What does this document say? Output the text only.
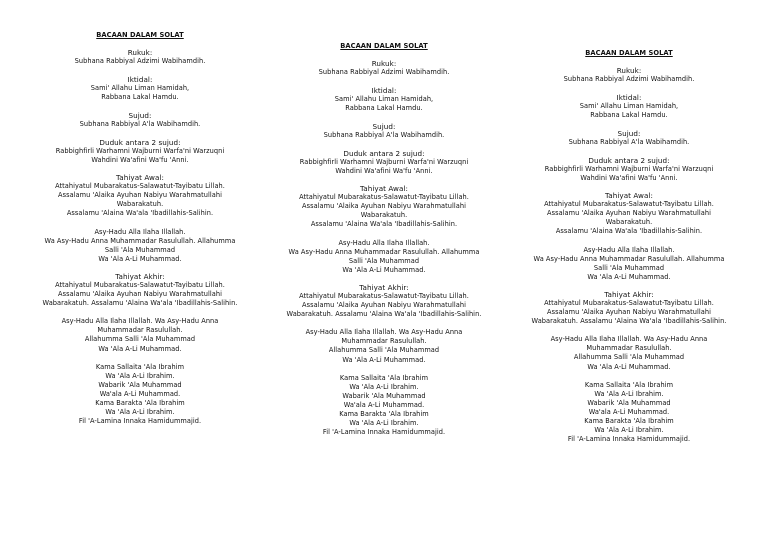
BACAAN DALAM SOLAT
Rukuk:
Subhana Rabbiyal Adzimi Wabihamdih.
Iktidal:
Sami' Allahu Liman Hamidah,
Rabbana Lakal Hamdu.
Sujud:
Subhana Rabbiyal A'la Wabihamdih.
Duduk antara 2 sujud:
Rabbighfirli Warhamni Wajburni Warfa'ni Warzuqni
Wahdini Wa'afini Wa'fu 'Anni.
Tahiyat Awal:
Attahiyatul Mubarakatus-Salawatut-Tayibatu Lillah.
Assalamu 'Alaika Ayuhan Nabiyu Warahmatullahi
Wabarakatuh.
Assalamu 'Alaina Wa'ala 'Ibadillahis-Salihin.
Asy-Hadu Alla Ilaha Illallah.
Wa Asy-Hadu Anna Muhammadar Rasulullah. Allahumma
Salli 'Ala Muhammad
Wa 'Ala A-Li Muhammad.
Tahiyat Akhir:
Attahiyatul Mubarakatus-Salawatut-Tayibatu Lillah.
Assalamu 'Alaika Ayuhan Nabiyu Warahmatullahi
Wabarakatuh. Assalamu 'Alaina Wa'ala 'Ibadillahis-Salihin.
Asy-Hadu Alla Ilaha Illallah. Wa Asy-Hadu Anna
Muhammadar Rasulullah.
Allahumma Salli 'Ala Muhammad
Wa 'Ala A-Li Muhammad.
Kama Sallaita 'Ala Ibrahim
Wa 'Ala A-Li Ibrahim.
Wabarik 'Ala Muhammad
Wa'ala A-Li Muhammad.
Kama Barakta 'Ala Ibrahim
Wa 'Ala A-Li Ibrahim.
Fil 'A-Lamina Innaka Hamidummajid.
BACAAN DALAM SOLAT
Rukuk:
Subhana Rabbiyal Adzimi Wabihamdih.
Iktidal:
Sami' Allahu Liman Hamidah,
Rabbana Lakal Hamdu.
Sujud:
Subhana Rabbiyal A'la Wabihamdih.
Duduk antara 2 sujud:
Rabbighfirli Warhamni Wajburni Warfa'ni Warzuqni
Wahdini Wa'afini Wa'fu 'Anni.
Tahiyat Awal:
Attahiyatul Mubarakatus-Salawatut-Tayibatu Lillah.
Assalamu 'Alaika Ayuhan Nabiyu Warahmatullahi
Wabarakatuh.
Assalamu 'Alaina Wa'ala 'Ibadillahis-Salihin.
Asy-Hadu Alla Ilaha Illallah.
Wa Asy-Hadu Anna Muhammadar Rasulullah. Allahumma
Salli 'Ala Muhammad
Wa 'Ala A-Li Muhammad.
Tahiyat Akhir:
Attahiyatul Mubarakatus-Salawatut-Tayibatu Lillah.
Assalamu 'Alaika Ayuhan Nabiyu Warahmatullahi
Wabarakatuh. Assalamu 'Alaina Wa'ala 'Ibadillahis-Salihin.
Asy-Hadu Alla Ilaha Illallah. Wa Asy-Hadu Anna
Muhammadar Rasulullah.
Allahumma Salli 'Ala Muhammad
Wa 'Ala A-Li Muhammad.
Kama Sallaita 'Ala Ibrahim
Wa 'Ala A-Li Ibrahim.
Wabarik 'Ala Muhammad
Wa'ala A-Li Muhammad.
Kama Barakta 'Ala Ibrahim
Wa 'Ala A-Li Ibrahim.
Fil 'A-Lamina Innaka Hamidummajid.
BACAAN DALAM SOLAT
Rukuk:
Subhana Rabbiyal Adzimi Wabihamdih.
Iktidal:
Sami' Allahu Liman Hamidah,
Rabbana Lakal Hamdu.
Sujud:
Subhana Rabbiyal A'la Wabihamdih.
Duduk antara 2 sujud:
Rabbighfirli Warhamni Wajburni Warfa'ni Warzuqni
Wahdini Wa'afini Wa'fu 'Anni.
Tahiyat Awal:
Attahiyatul Mubarakatus-Salawatut-Tayibatu Lillah.
Assalamu 'Alaika Ayuhan Nabiyu Warahmatullahi
Wabarakatuh.
Assalamu 'Alaina Wa'ala 'Ibadillahis-Salihin.
Asy-Hadu Alla Ilaha Illallah.
Wa Asy-Hadu Anna Muhammadar Rasulullah. Allahumma
Salli 'Ala Muhammad
Wa 'Ala A-Li Muhammad.
Tahiyat Akhir:
Attahiyatul Mubarakatus-Salawatut-Tayibatu Lillah.
Assalamu 'Alaika Ayuhan Nabiyu Warahmatullahi
Wabarakatuh. Assalamu 'Alaina Wa'ala 'Ibadillahis-Salihin.
Asy-Hadu Alla Ilaha Illallah. Wa Asy-Hadu Anna
Muhammadar Rasulullah.
Allahumma Salli 'Ala Muhammad
Wa 'Ala A-Li Muhammad.
Kama Sallaita 'Ala Ibrahim
Wa 'Ala A-Li Ibrahim.
Wabarik 'Ala Muhammad
Wa'ala A-Li Muhammad.
Kama Barakta 'Ala Ibrahim
Wa 'Ala A-Li Ibrahim.
Fil 'A-Lamina Innaka Hamidummajid.
